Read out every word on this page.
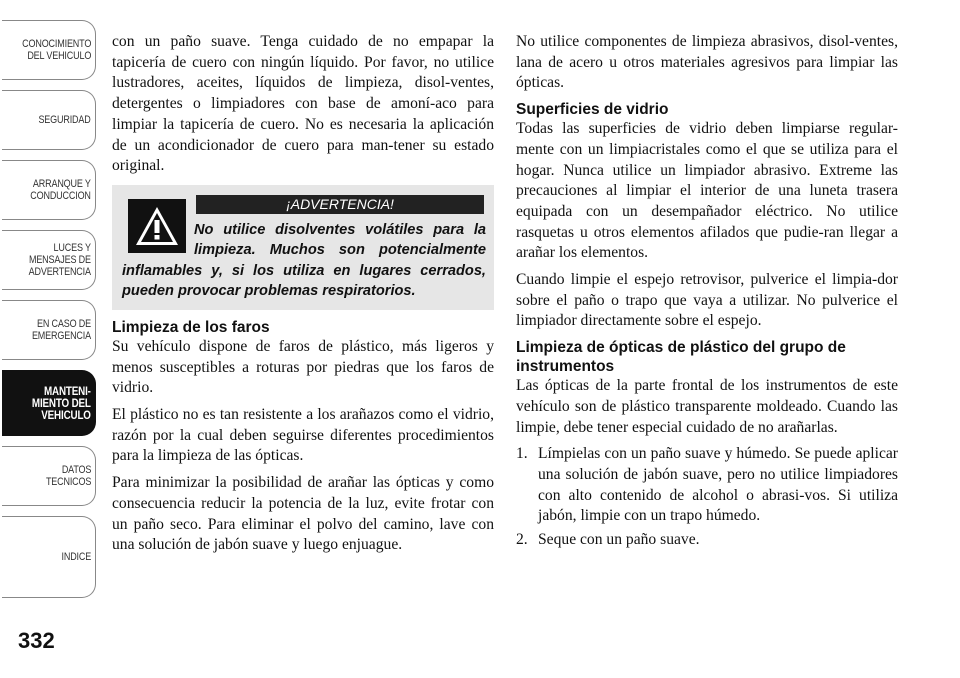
CONOCIMIENTO
DEL VEHICULO
SEGURIDAD
ARRANQUE Y
CONDUCCION
LUCES Y
MENSAJES DE
ADVERTENCIA
EN CASO DE
EMERGENCIA
MANTENI-
MIENTO DEL
VEHICULO
DATOS
TECNICOS
INDICE
332

con un paño suave. Tenga cuidado de no empapar la tapicería de cuero con ningún líquido. Por favor, no utilice lustradores, aceites, líquidos de limpieza, disol-ventes, detergentes o limpiadores con base de amoní-aco para limpiar la tapicería de cuero. No es necesaria la aplicación de un acondicionador de cuero para man-tener su estado original.

¡ADVERTENCIA!
No utilice disolventes volátiles para la limpieza. Muchos son potencialmente inflamables y, si los utiliza en lugares cerrados, pueden provocar problemas respiratorios.
Limpieza de los faros

Su vehículo dispone de faros de plástico, más ligeros y menos susceptibles a roturas por piedras que los faros de vidrio.

El plástico no es tan resistente a los arañazos como el vidrio, razón por la cual deben seguirse diferentes procedimientos para la limpieza de las ópticas.

Para minimizar la posibilidad de arañar las ópticas y como consecuencia reducir la potencia de la luz, evite frotar con un paño seco. Para eliminar el polvo del camino, lave con una solución de jabón suave y luego enjuague.

No utilice componentes de limpieza abrasivos, disol-ventes, lana de acero u otros materiales agresivos para limpiar las ópticas.

Superficies de vidrio

Todas las superficies de vidrio deben limpiarse regular-mente con un limpiacristales como el que se utiliza para el hogar. Nunca utilice un limpiador abrasivo. Extreme las precauciones al limpiar el interior de una luneta trasera equipada con un desempañador eléctrico. No utilice rasquetas u otros elementos afilados que pudie-ran llegar a arañar los elementos.

Cuando limpie el espejo retrovisor, pulverice el limpia-dor sobre el paño o trapo que vaya a utilizar. No pulverice el limpiador directamente sobre el espejo.

Limpieza de ópticas de plástico del grupo de instrumentos

Las ópticas de la parte frontal de los instrumentos de este vehículo son de plástico transparente moldeado. Cuando las limpie, debe tener especial cuidado de no arañarlas.

1. Límpielas con un paño suave y húmedo. Se puede aplicar una solución de jabón suave, pero no utilice limpiadores con alto contenido de alcohol o abrasi-vos. Si utiliza jabón, limpie con un trapo húmedo.
2. Seque con un paño suave.
